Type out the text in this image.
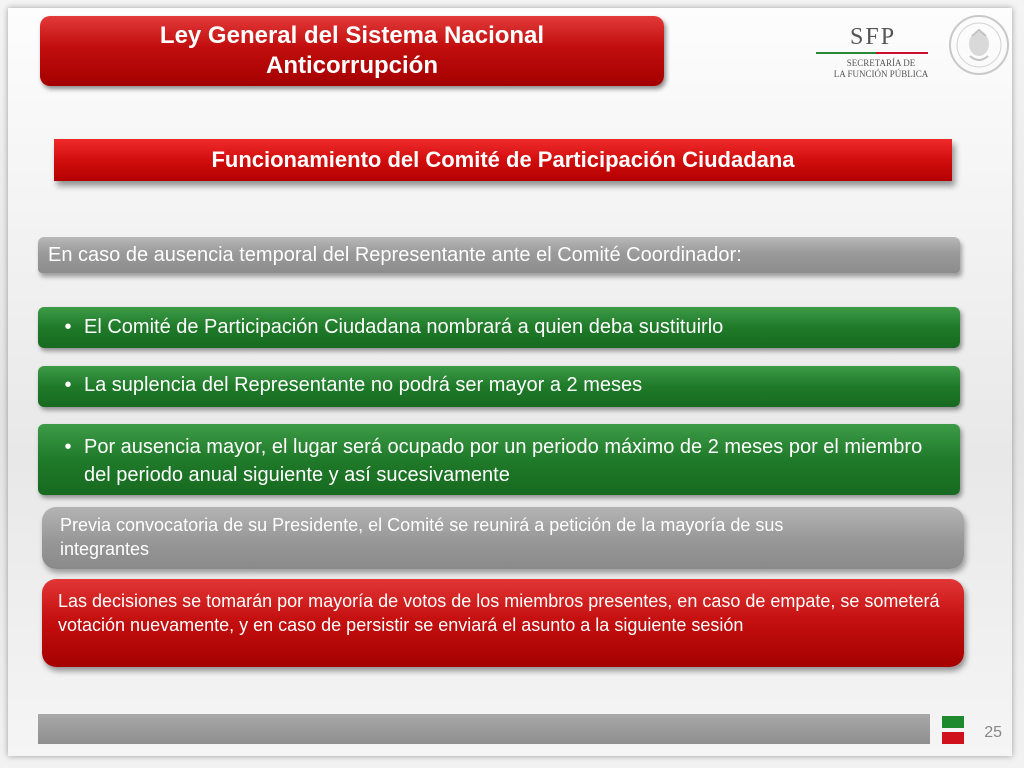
Ley General del Sistema Nacional
Anticorrupción
SFP
SECRETARÍA DE
LA FUNCIÓN PÚBLICA
Funcionamiento del Comité de Participación Ciudadana
En caso de ausencia temporal del Representante ante el Comité Coordinador:
• El Comité de Participación Ciudadana nombrará a quien deba sustituirlo
• La suplencia del Representante no podrá ser mayor a 2 meses
• Por ausencia mayor, el lugar será ocupado por un periodo máximo de 2 meses por el miembro del periodo anual siguiente y así sucesivamente
Previa convocatoria de su Presidente, el Comité se reunirá a petición de la mayoría de sus integrantes
Las decisiones se tomarán por mayoría de votos de los miembros presentes, en caso de empate, se someterá votación nuevamente, y en caso de persistir se enviará el asunto a la siguiente sesión
25
